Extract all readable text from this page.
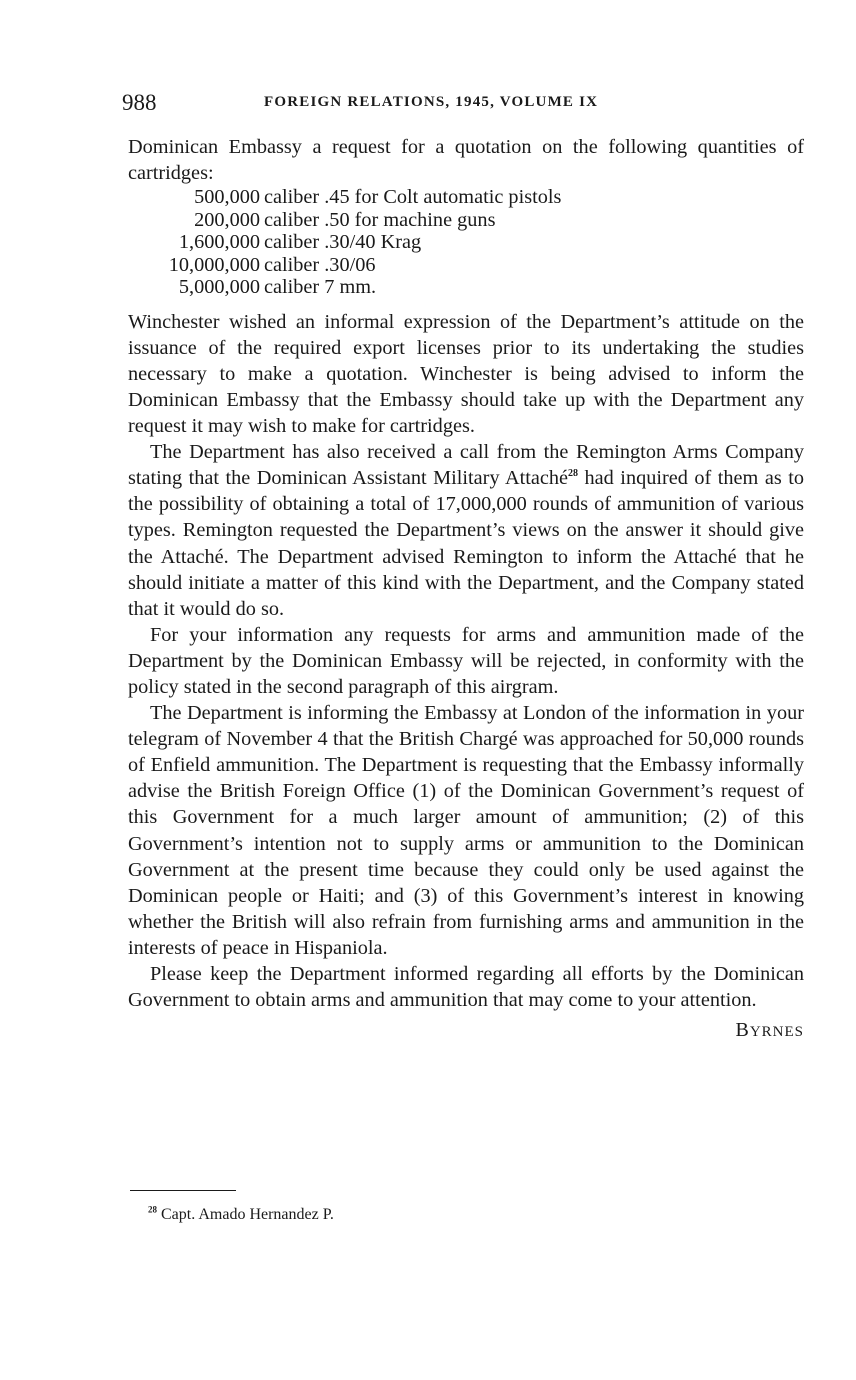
988	FOREIGN RELATIONS, 1945, VOLUME IX

Dominican Embassy a request for a quotation on the following quantities of cartridges:

500,000 caliber .45 for Colt automatic pistols
200,000 caliber .50 for machine guns
1,600,000 caliber .30/40 Krag
10,000,000 caliber .30/06
5,000,000 caliber 7 mm.

Winchester wished an informal expression of the Department’s attitude on the issuance of the required export licenses prior to its undertaking the studies necessary to make a quotation. Winchester is being advised to inform the Dominican Embassy that the Embassy should take up with the Department any request it may wish to make for cartridges.

The Department has also received a call from the Remington Arms Company stating that the Dominican Assistant Military Attaché$^{28}$ had inquired of them as to the possibility of obtaining a total of 17,000,000 rounds of ammunition of various types. Remington requested the Department’s views on the answer it should give the Attaché. The Department advised Remington to inform the Attaché that he should initiate a matter of this kind with the Department, and the Company stated that it would do so.

For your information any requests for arms and ammunition made of the Department by the Dominican Embassy will be rejected, in conformity with the policy stated in the second paragraph of this airgram.

The Department is informing the Embassy at London of the information in your telegram of November 4 that the British Chargé was approached for 50,000 rounds of Enfield ammunition. The Department is requesting that the Embassy informally advise the British Foreign Office (1) of the Dominican Government’s request of this Government for a much larger amount of ammunition; (2) of this Government’s intention not to supply arms or ammunition to the Dominican Government at the present time because they could only be used against the Dominican people or Haiti; and (3) of this Government’s interest in knowing whether the British will also refrain from furnishing arms and ammunition in the interests of peace in Hispaniola.

Please keep the Department informed regarding all efforts by the Dominican Government to obtain arms and ammunition that may come to your attention.

BYRNES
$^{28}$ Capt. Amado Hernandez P.
